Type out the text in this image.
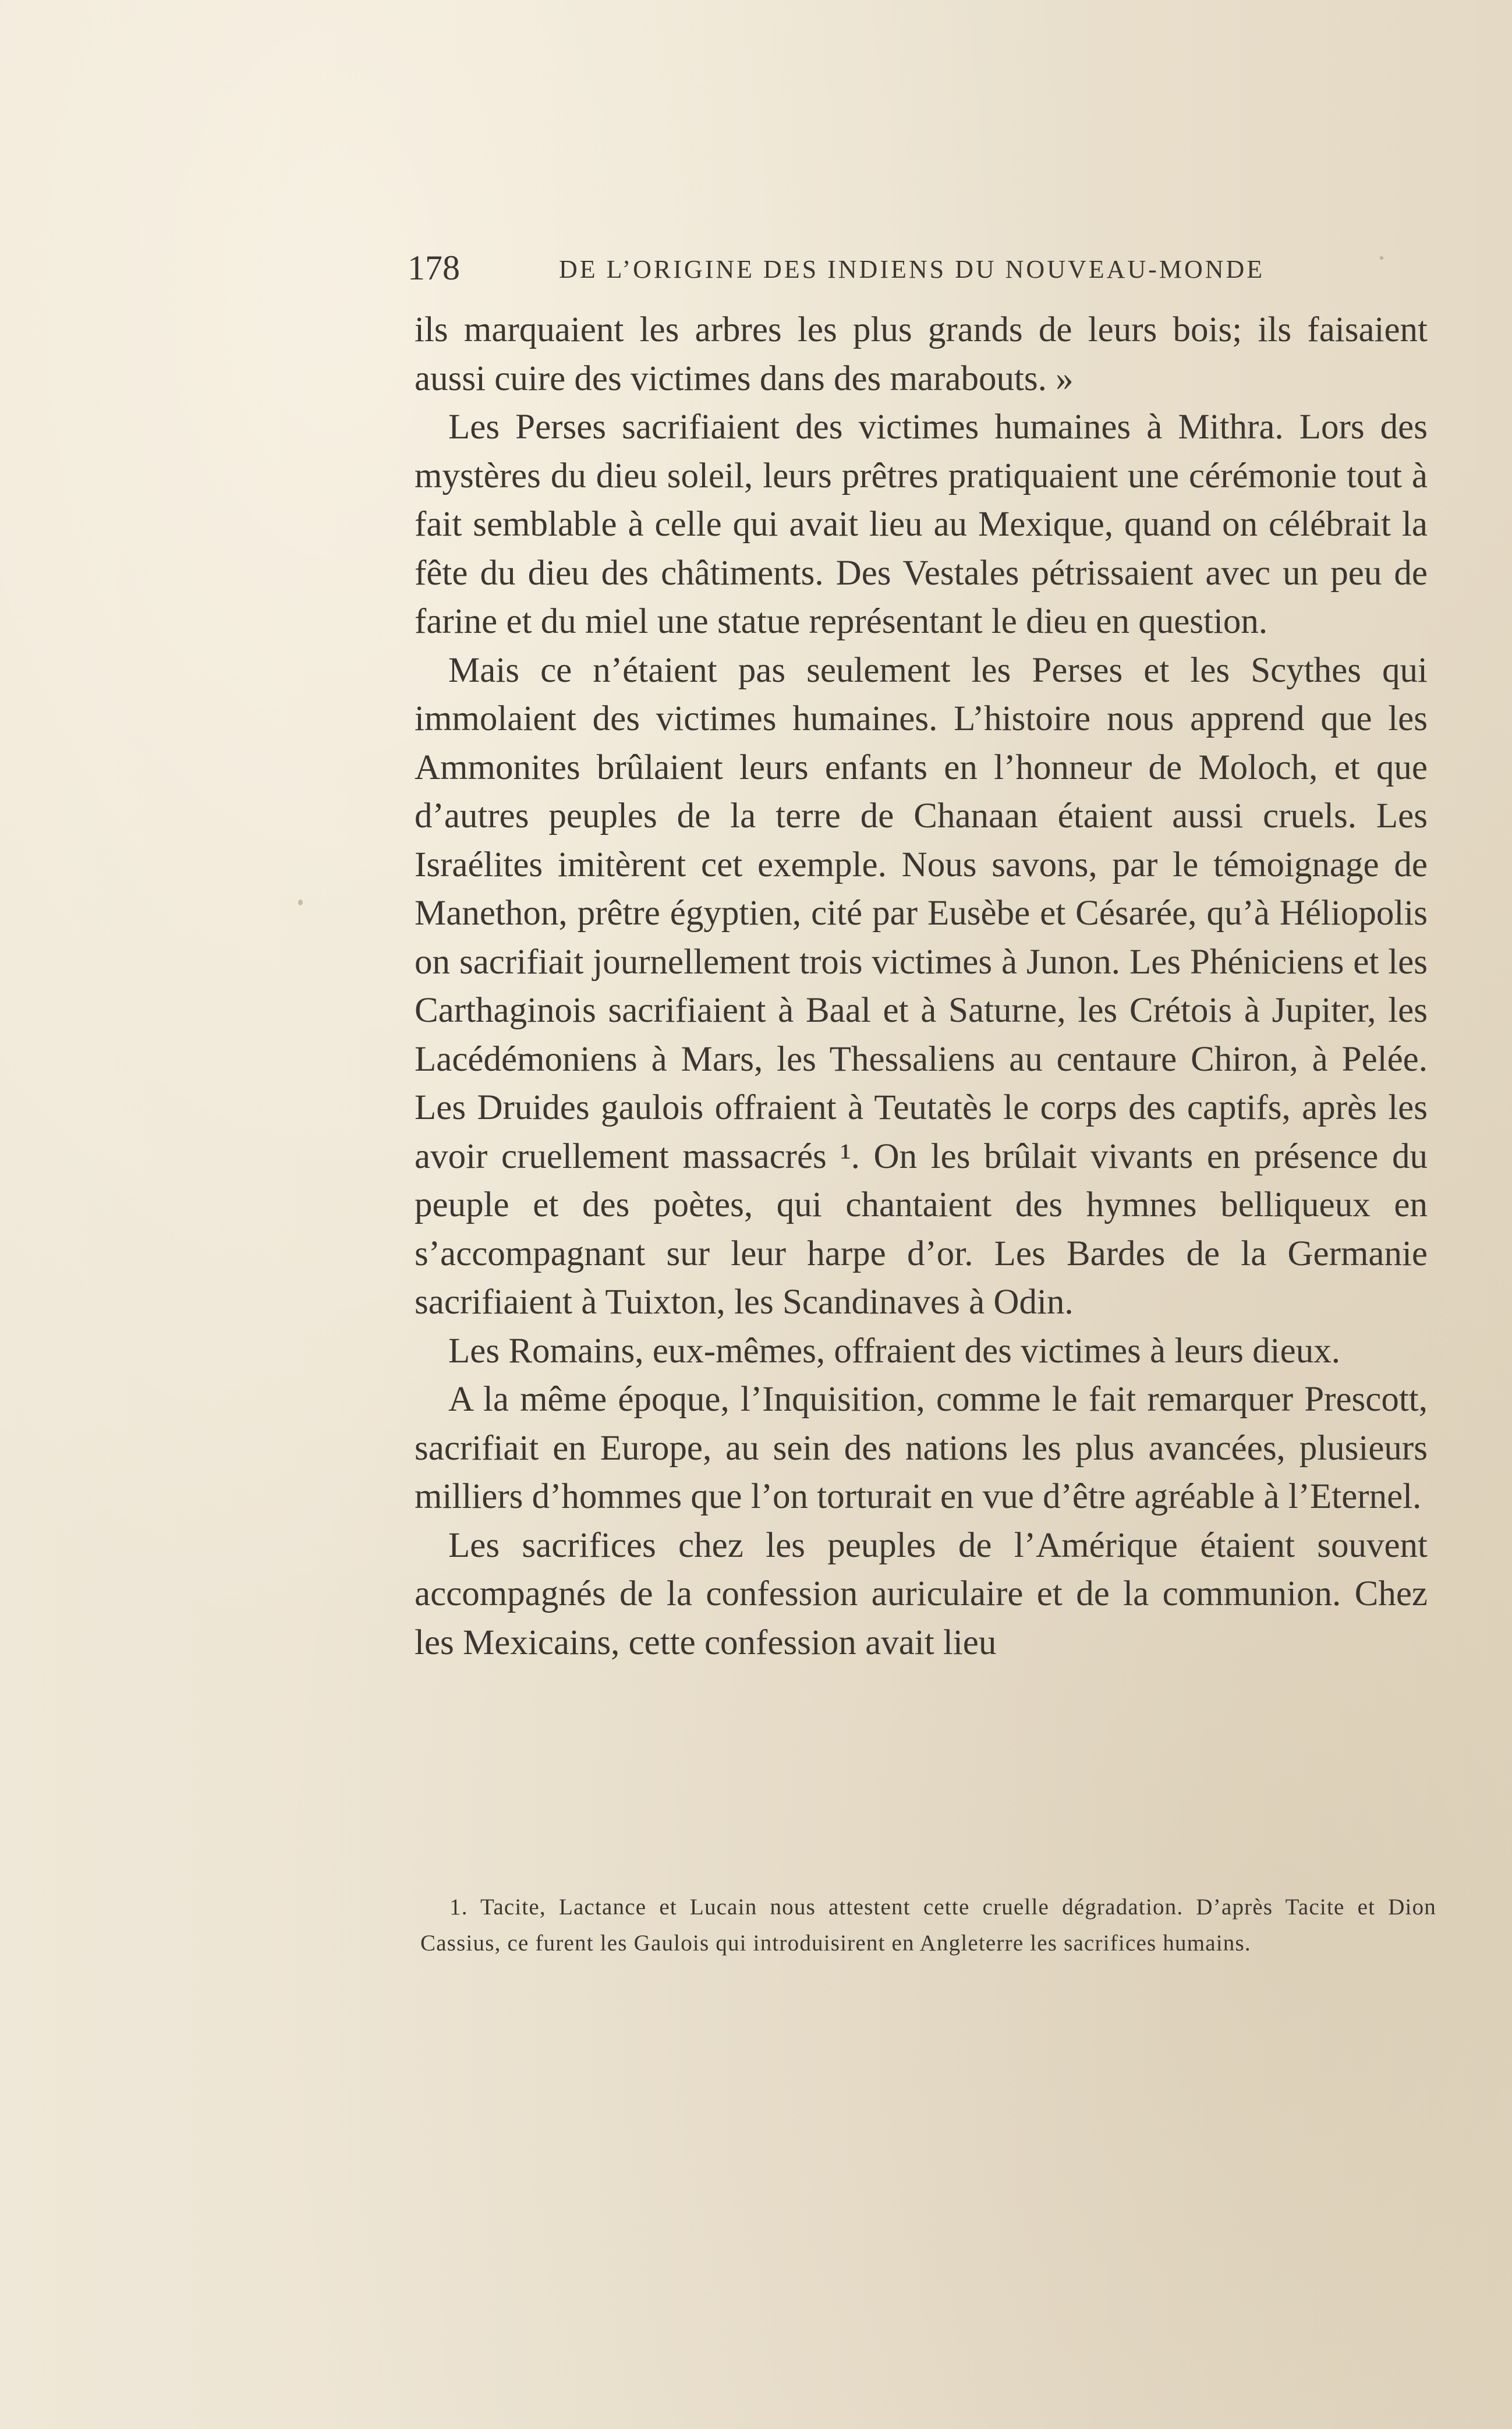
178	DE L’ORIGINE DES INDIENS DU NOUVEAU-MONDE

ils marquaient les arbres les plus grands de leurs bois; ils faisaient aussi cuire des victimes dans des marabouts. »

Les Perses sacrifiaient des victimes humaines à Mithra. Lors des mystères du dieu soleil, leurs prêtres pratiquaient une cérémonie tout à fait semblable à celle qui avait lieu au Mexique, quand on célébrait la fête du dieu des châtiments. Des Vestales pétrissaient avec un peu de farine et du miel une statue représentant le dieu en question.

Mais ce n’étaient pas seulement les Perses et les Scythes qui immolaient des victimes humaines. L’histoire nous apprend que les Ammonites brûlaient leurs enfants en l’honneur de Moloch, et que d’autres peuples de la terre de Chanaan étaient aussi cruels. Les Israélites imitèrent cet exemple. Nous savons, par le témoignage de Manethon, prêtre égyptien, cité par Eusèbe et Césarée, qu’à Héliopolis on sacrifiait journellement trois victimes à Junon. Les Phéniciens et les Carthaginois sacrifiaient à Baal et à Saturne, les Crétois à Jupiter, les Lacédémoniens à Mars, les Thessaliens au centaure Chiron, à Pelée. Les Druides gaulois offraient à Teutatès le corps des captifs, après les avoir cruellement massacrés ¹. On les brûlait vivants en présence du peuple et des poètes, qui chantaient des hymnes belliqueux en s’accompagnant sur leur harpe d’or. Les Bardes de la Germanie sacrifiaient à Tuixton, les Scandinaves à Odin.

Les Romains, eux-mêmes, offraient des victimes à leurs dieux.

A la même époque, l’Inquisition, comme le fait remarquer Prescott, sacrifiait en Europe, au sein des nations les plus avancées, plusieurs milliers d’hommes que l’on torturait en vue d’être agréable à l’Eternel.

Les sacrifices chez les peuples de l’Amérique étaient souvent accompagnés de la confession auriculaire et de la communion. Chez les Mexicains, cette confession avait lieu

1. Tacite, Lactance et Lucain nous attestent cette cruelle dégradation. D’après Tacite et Dion Cassius, ce furent les Gaulois qui introduisirent en Angleterre les sacrifices humains.
